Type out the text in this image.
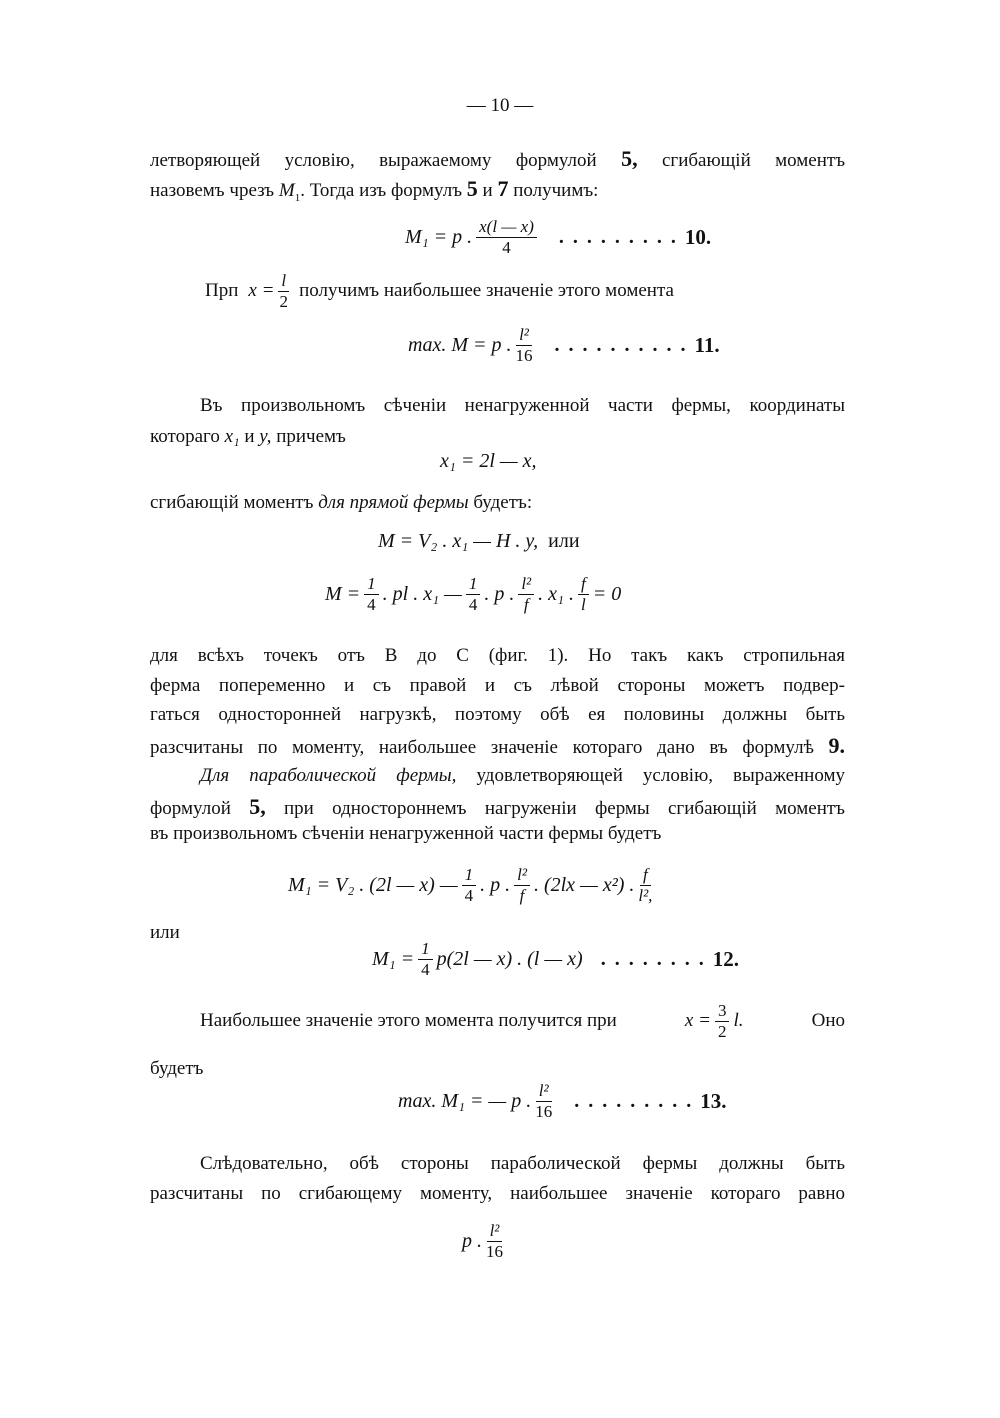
— 10 —
летворяющей условію, выражаемому формулой 5, сгибающій моментъ
назовемъ чрезъ $M_1$. Тогда изъ формулъ 5 и 7 получимъ:
M₁ = p . $\frac{x(l — x)}{4}$ ......... 10.
Прп $x = \frac{l}{2}$ получимъ наибольшее значеніе этого момента
max. M = p . $\frac{\text{l²}}{16}$ .......... 11.
Въ произвольномъ сѣченіи ненагруженной части фермы, координаты
котораго x₁ и y, причемъ
x₁ = 2l — x,
сгибающій моментъ для прямой фермы будетъ:
M = V₂ . x₁ — H . y, или
$M = \frac{1}{4}$ . pl . x₁ — $\frac{1}{4}$ . p . $\frac{\text{l²}}{f}$ . x₁ . $\frac{f}{l} = 0$
для всѣхъ точекъ отъ B до C (фиг. 1). Но такъ какъ стропильная
ферма попеременно и съ правой и съ лѣвой стороны можетъ подвер-
гаться односторонней нагрузкѣ, поэтому обѣ ея половины должны быть
разсчитаны по моменту, наибольшее значеніе котораго дано въ формулѣ 9.
Для параболической фермы, удовлетворяющей условію, выраженному
формулой 5, при одностороннемъ нагруженіи фермы сгибающій моментъ
въ произвольномъ сѣченіи ненагруженной части фермы будетъ
M₁ = V₂ . (2l — x) — $\frac{1}{4}$ . p . $\frac{\text{l²}}{f}$ . (2lx — x²) . $\frac{f}{\text{l²,}}$
или
$M_1 = \frac{1}{4} p(2l$ — x) . (l — x) ........ 12.
Наибольшее значеніе этого момента получится при	$x = \frac{3}{2} l$.	Оно
будетъ
max. M₁ = — p . $\frac{\text{l²}}{16}$ ......... 13.
Слѣдовательно, обѣ стороны параболической фермы должны быть
разсчитаны по сгибающему моменту, наибольшее значеніе котораго равно
p . $\frac{\text{l²}}{16}$
